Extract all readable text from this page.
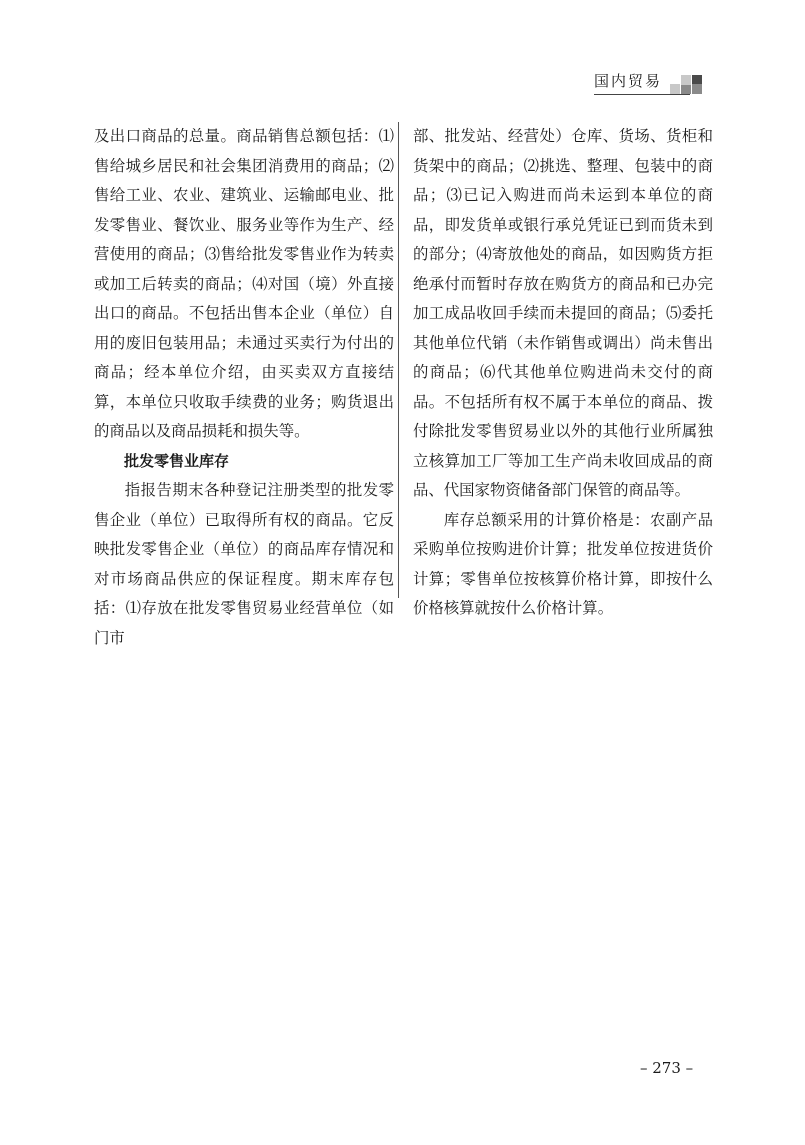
国内贸易

及出口商品的总量。商品销售总额包括：⑴售给城乡居民和社会集团消费用的商品；⑵售给工业、农业、建筑业、运输邮电业、批发零售业、餐饮业、服务业等作为生产、经营使用的商品；⑶售给批发零售业作为转卖或加工后转卖的商品；⑷对国（境）外直接出口的商品。不包括出售本企业（单位）自用的废旧包装用品；未通过买卖行为付出的商品；经本单位介绍，由买卖双方直接结算，本单位只收取手续费的业务；购货退出的商品以及商品损耗和损失等。

批发零售业库存

指报告期末各种登记注册类型的批发零售企业（单位）已取得所有权的商品。它反映批发零售企业（单位）的商品库存情况和对市场商品供应的保证程度。期末库存包括：⑴存放在批发零售贸易业经营单位（如门市

部、批发站、经营处）仓库、货场、货柜和货架中的商品；⑵挑选、整理、包装中的商品；⑶已记入购进而尚未运到本单位的商品，即发货单或银行承兑凭证已到而货未到的部分；⑷寄放他处的商品，如因购货方拒绝承付而暂时存放在购货方的商品和已办完加工成品收回手续而未提回的商品；⑸委托其他单位代销（未作销售或调出）尚未售出的商品；⑹代其他单位购进尚未交付的商品。不包括所有权不属于本单位的商品、拨付除批发零售贸易业以外的其他行业所属独立核算加工厂等加工生产尚未收回成品的商品、代国家物资储备部门保管的商品等。

库存总额采用的计算价格是：农副产品采购单位按购进价计算；批发单位按进货价计算；零售单位按核算价格计算，即按什么价格核算就按什么价格计算。

– 273 –
